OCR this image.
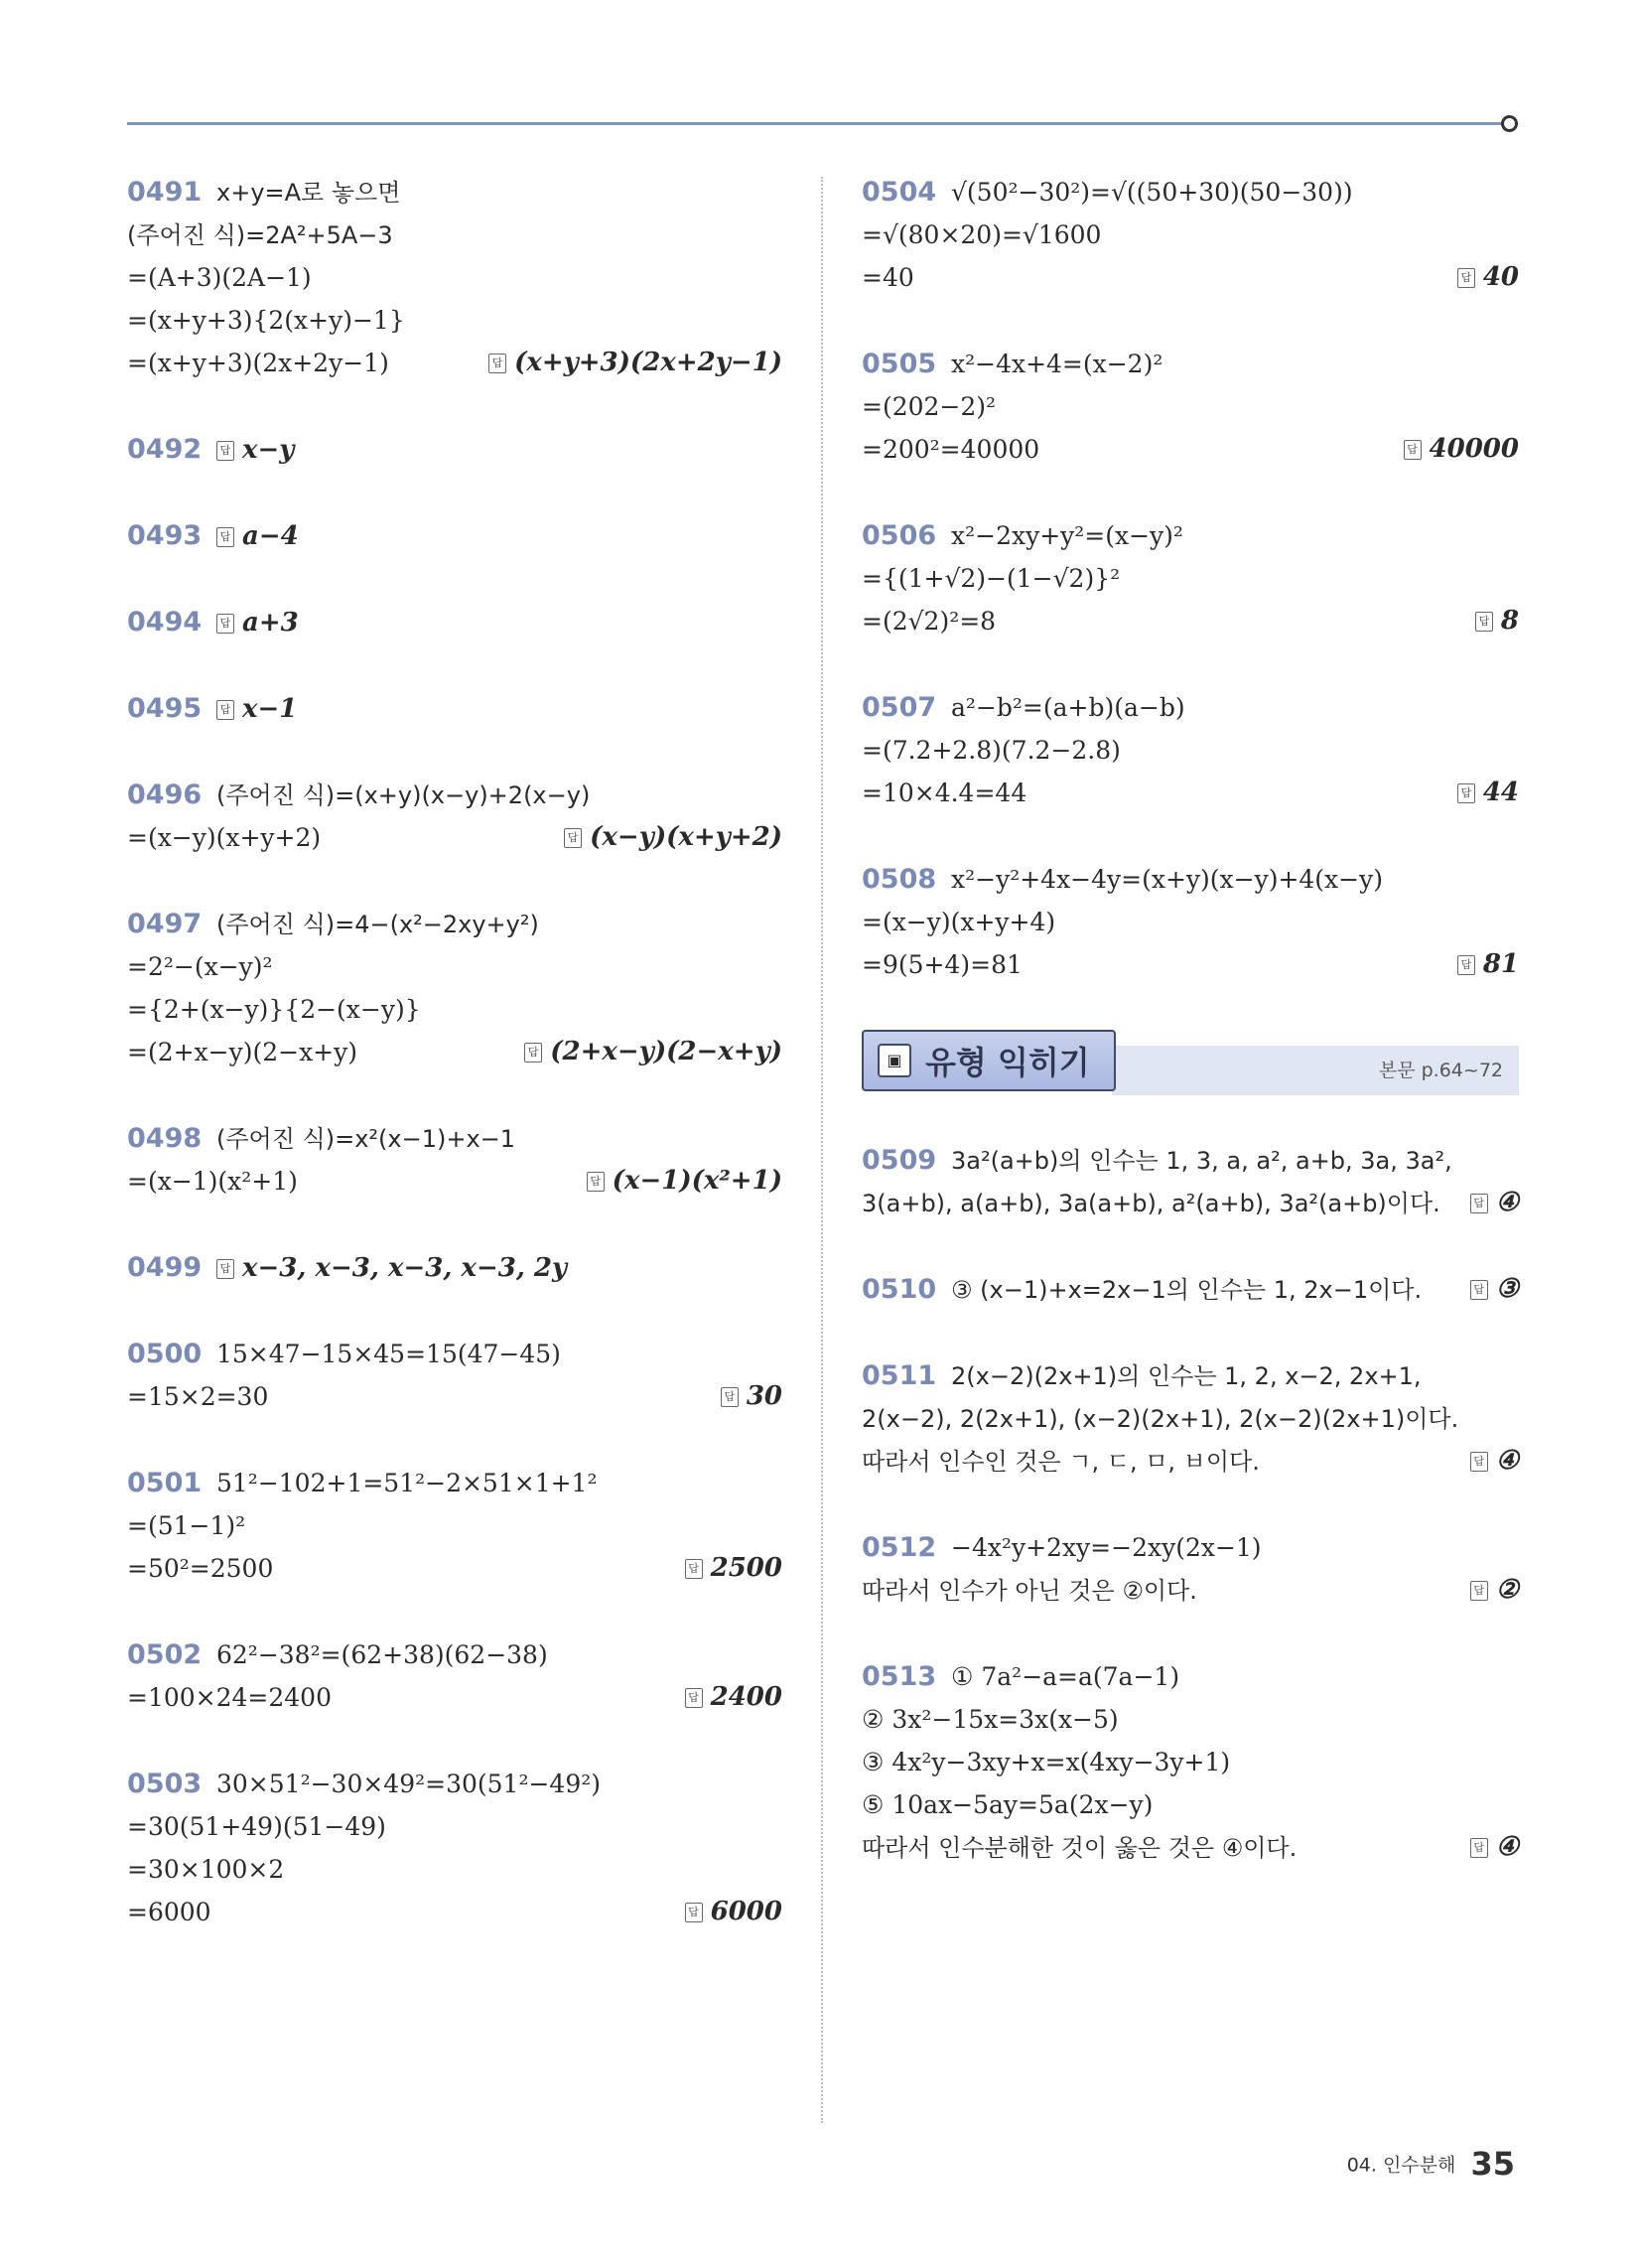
0491 x+y=A로 놓으면
(주어진 식)=2A²+5A−3
=(A+3)(2A−1)
=(x+y+3){2(x+y)−1}
=(x+y+3)(2x+2y−1)	답 (x+y+3)(2x+2y−1)
0492 답 x−y
0493 답 a−4
0494 답 a+3
0495 답 x−1
0496 (주어진 식)=(x+y)(x−y)+2(x−y)
=(x−y)(x+y+2)	답 (x−y)(x+y+2)
0497 (주어진 식)=4−(x²−2xy+y²)
=2²−(x−y)²
={2+(x−y)}{2−(x−y)}
=(2+x−y)(2−x+y)	답 (2+x−y)(2−x+y)
0498 (주어진 식)=x²(x−1)+x−1
=(x−1)(x²+1)	답 (x−1)(x²+1)
0499 답 x−3, x−3, x−3, x−3, 2y
0500 15×47−15×45=15(47−45)
=15×2=30	답 30
0501 51²−102+1=51²−2×51×1+1²
=(51−1)²
=50²=2500	답 2500
0502 62²−38²=(62+38)(62−38)
=100×24=2400	답 2400
0503 30×51²−30×49²=30(51²−49²)
=30(51+49)(51−49)
=30×100×2
=6000	답 6000
0504 √(50²−30²)=√((50+30)(50−30))
=√(80×20)=√1600
=40	답 40
0505 x²−4x+4=(x−2)²
=(202−2)²
=200²=40000	답 40000
0506 x²−2xy+y²=(x−y)²
={(1+√2)−(1−√2)}²
=(2√2)²=8	답 8
0507 a²−b²=(a+b)(a−b)
=(7.2+2.8)(7.2−2.8)
=10×4.4=44	답 44
0508 x²−y²+4x−4y=(x+y)(x−y)+4(x−y)
=(x−y)(x+y+4)
=9(5+4)=81	답 81
▣ 유형 익히기	본문 p.64~72
0509 3a²(a+b)의 인수는 1, 3, a, a², a+b, 3a, 3a²,
3(a+b), a(a+b), 3a(a+b), a²(a+b), 3a²(a+b)이다.	답 ④
0510 ③ (x−1)+x=2x−1의 인수는 1, 2x−1이다.	답 ③
0511 2(x−2)(2x+1)의 인수는 1, 2, x−2, 2x+1,
2(x−2), 2(2x+1), (x−2)(2x+1), 2(x−2)(2x+1)이다.
따라서 인수인 것은 ㄱ, ㄷ, ㅁ, ㅂ이다.	답 ④
0512 −4x²y+2xy=−2xy(2x−1)
따라서 인수가 아닌 것은 ②이다.	답 ②
0513 ① 7a²−a=a(7a−1)
② 3x²−15x=3x(x−5)
③ 4x²y−3xy+x=x(4xy−3y+1)
⑤ 10ax−5ay=5a(2x−y)
따라서 인수분해한 것이 옳은 것은 ④이다.	답 ④
04. 인수분해 35
